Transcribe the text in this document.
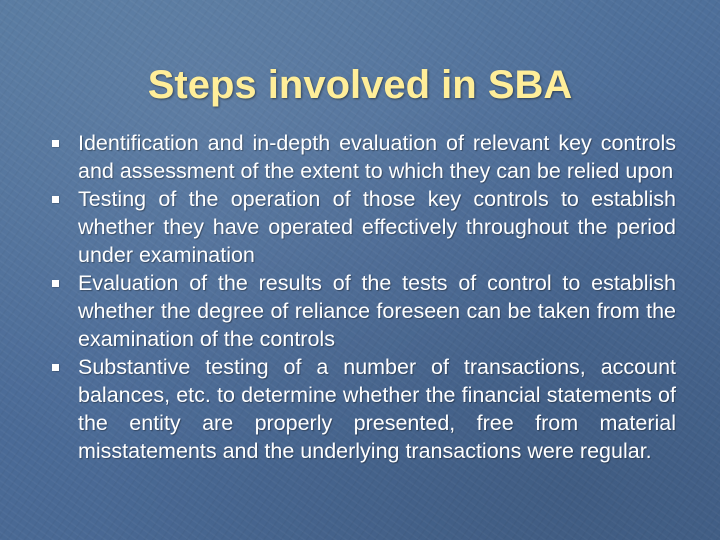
Steps involved in SBA
Identification and in-depth evaluation of relevant key controls and assessment of the extent to which they can be relied upon
Testing of the operation of those key controls to establish whether they have operated effectively throughout the period under examination
Evaluation of the results of the tests of control to establish whether the degree of reliance foreseen can be taken from the examination of the controls
Substantive testing of a number of transactions, account balances, etc. to determine whether the financial statements of the entity are properly presented, free from material misstatements and the underlying transactions were regular.
